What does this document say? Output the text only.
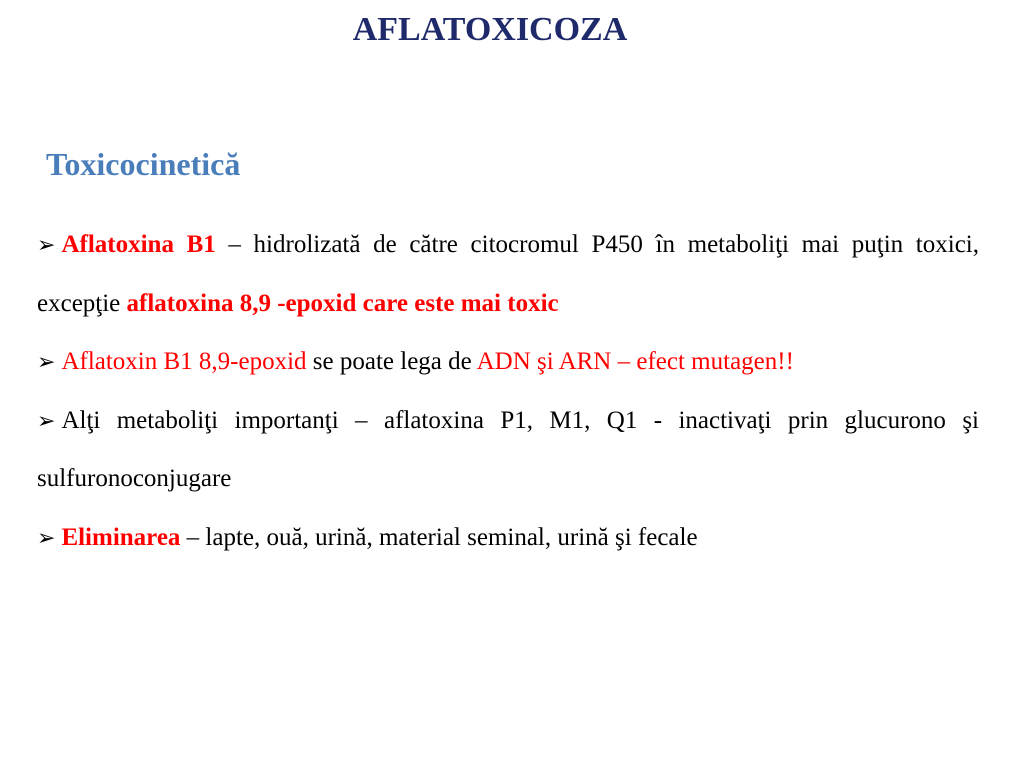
AFLATOXICOZA
Toxicocinetică

➢ Aflatoxina B1 – hidrolizată de către citocromul P450 în metaboliţi mai puţin toxici, excepţie aflatoxina 8,9 -epoxid care este mai toxic

➢ Aflatoxin B1 8,9-epoxid se poate lega de ADN şi ARN – efect mutagen!!

➢ Alţi metaboliţi importanţi – aflatoxina P1, M1, Q1 - inactivaţi prin glucurono şi sulfuronoconjugare

➢ Eliminarea – lapte, ouă, urină, material seminal, urină şi fecale
